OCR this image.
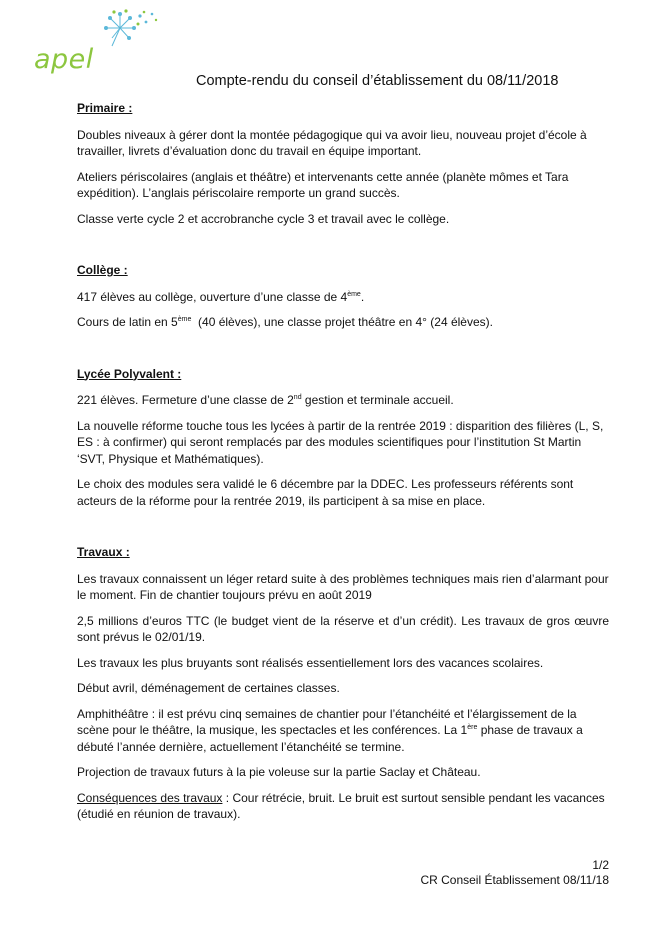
apel
Compte-rendu du conseil d’établissement du 08/11/2018

Primaire :

Doubles niveaux à gérer dont la montée pédagogique qui va avoir lieu, nouveau projet d’école à travailler, livrets d’évaluation donc du travail en équipe important.

Ateliers périscolaires (anglais et théâtre) et intervenants cette année (planète mômes et Tara expédition). L’anglais périscolaire remporte un grand succès.

Classe verte cycle 2 et accrobranche cycle 3 et travail avec le collège.

Collège :

417 élèves au collège, ouverture d’une classe de 4ème.

Cours de latin en 5ème  (40 élèves), une classe projet théâtre en 4° (24 élèves).

Lycée Polyvalent :

221 élèves. Fermeture d’une classe de 2nd gestion et terminale accueil.

La nouvelle réforme touche tous les lycées à partir de la rentrée 2019 : disparition des filières (L, S, ES : à confirmer) qui seront remplacés par des modules scientifiques pour l’institution St Martin ‘SVT, Physique et Mathématiques).

Le choix des modules sera validé le 6 décembre par la DDEC. Les professeurs référents sont acteurs de la réforme pour la rentrée 2019, ils participent à sa mise en place.

Travaux :

Les travaux connaissent un léger retard suite à des problèmes techniques mais rien d’alarmant pour le moment. Fin de chantier toujours prévu en août 2019

2,5 millions d’euros TTC (le budget vient de la réserve et d’un crédit). Les travaux de gros œuvre sont prévus le 02/01/19.

Les travaux les plus bruyants sont réalisés essentiellement lors des vacances scolaires.

Début avril, déménagement de certaines classes.

Amphithéâtre : il est prévu cinq semaines de chantier pour l’étanchéité et l’élargissement de la scène pour le théâtre, la musique, les spectacles et les conférences. La 1ère phase de travaux a débuté l’année dernière, actuellement l’étanchéité se termine.

Projection de travaux futurs à la pie voleuse sur la partie Saclay et Château.

Conséquences des travaux : Cour rétrécie, bruit. Le bruit est surtout sensible pendant les vacances (étudié en réunion de travaux).

1/2
CR Conseil Établissement 08/11/18
